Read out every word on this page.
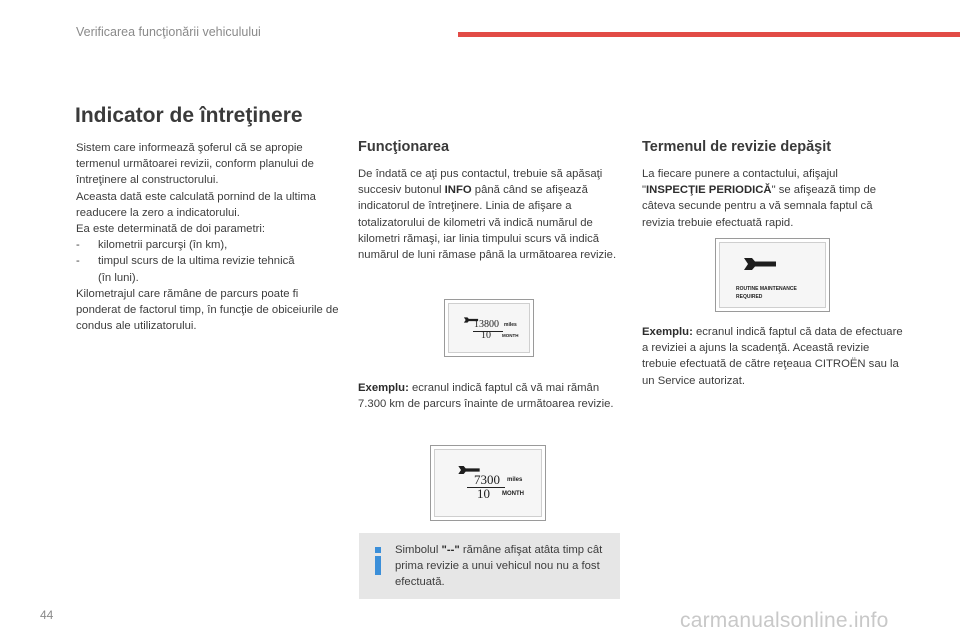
Verificarea funcţionării vehiculului
Indicator de întreţinere
Sistem care informează şoferul că se apropie termenul următoarei revizii, conform planului de întreţinere al constructorului.
Aceasta dată este calculată pornind de la ultima readucere la zero a indicatorului.
Ea este determinată de doi parametri:
-	kilometrii parcurşi (în km),
-	timpul scurs de la ultima revizie tehnică
(în luni).
Kilometrajul care rămâne de parcurs poate fi ponderat de factorul timp, în funcţie de obiceiurile de condus ale utilizatorului.
Funcţionarea
De îndată ce aţi pus contactul, trebuie să apăsaţi succesiv butonul INFO până când se afişează indicatorul de întreţinere. Linia de afişare a totalizatorului de kilometri vă indică numărul de kilometri rămaşi, iar linia timpului scurs vă indică numărul de luni rămase până la următoarea revizie.
13800 miles
10 MONTH
Exemplu: ecranul indică faptul că vă mai rămân 7.300 km de parcurs înainte de următoarea revizie.
7300 miles
10 MONTH
Simbolul "--" rămâne afişat atâta timp cât prima revizie a unui vehicul nou nu a fost efectuată.
Termenul de revizie depăşit
La fiecare punere a contactului, afişajul "INSPECŢIE PERIODICĂ" se afişează timp de câteva secunde pentru a vă semnala faptul că revizia trebuie efectuată rapid.
ROUTINE MAINTENANCE
REQUIRED
Exemplu: ecranul indică faptul că data de efectuare a reviziei a ajuns la scadenţă. Această revizie trebuie efectuată de către reţeaua CITROËN sau la un Service autorizat.
44	carmanualsonline.info
